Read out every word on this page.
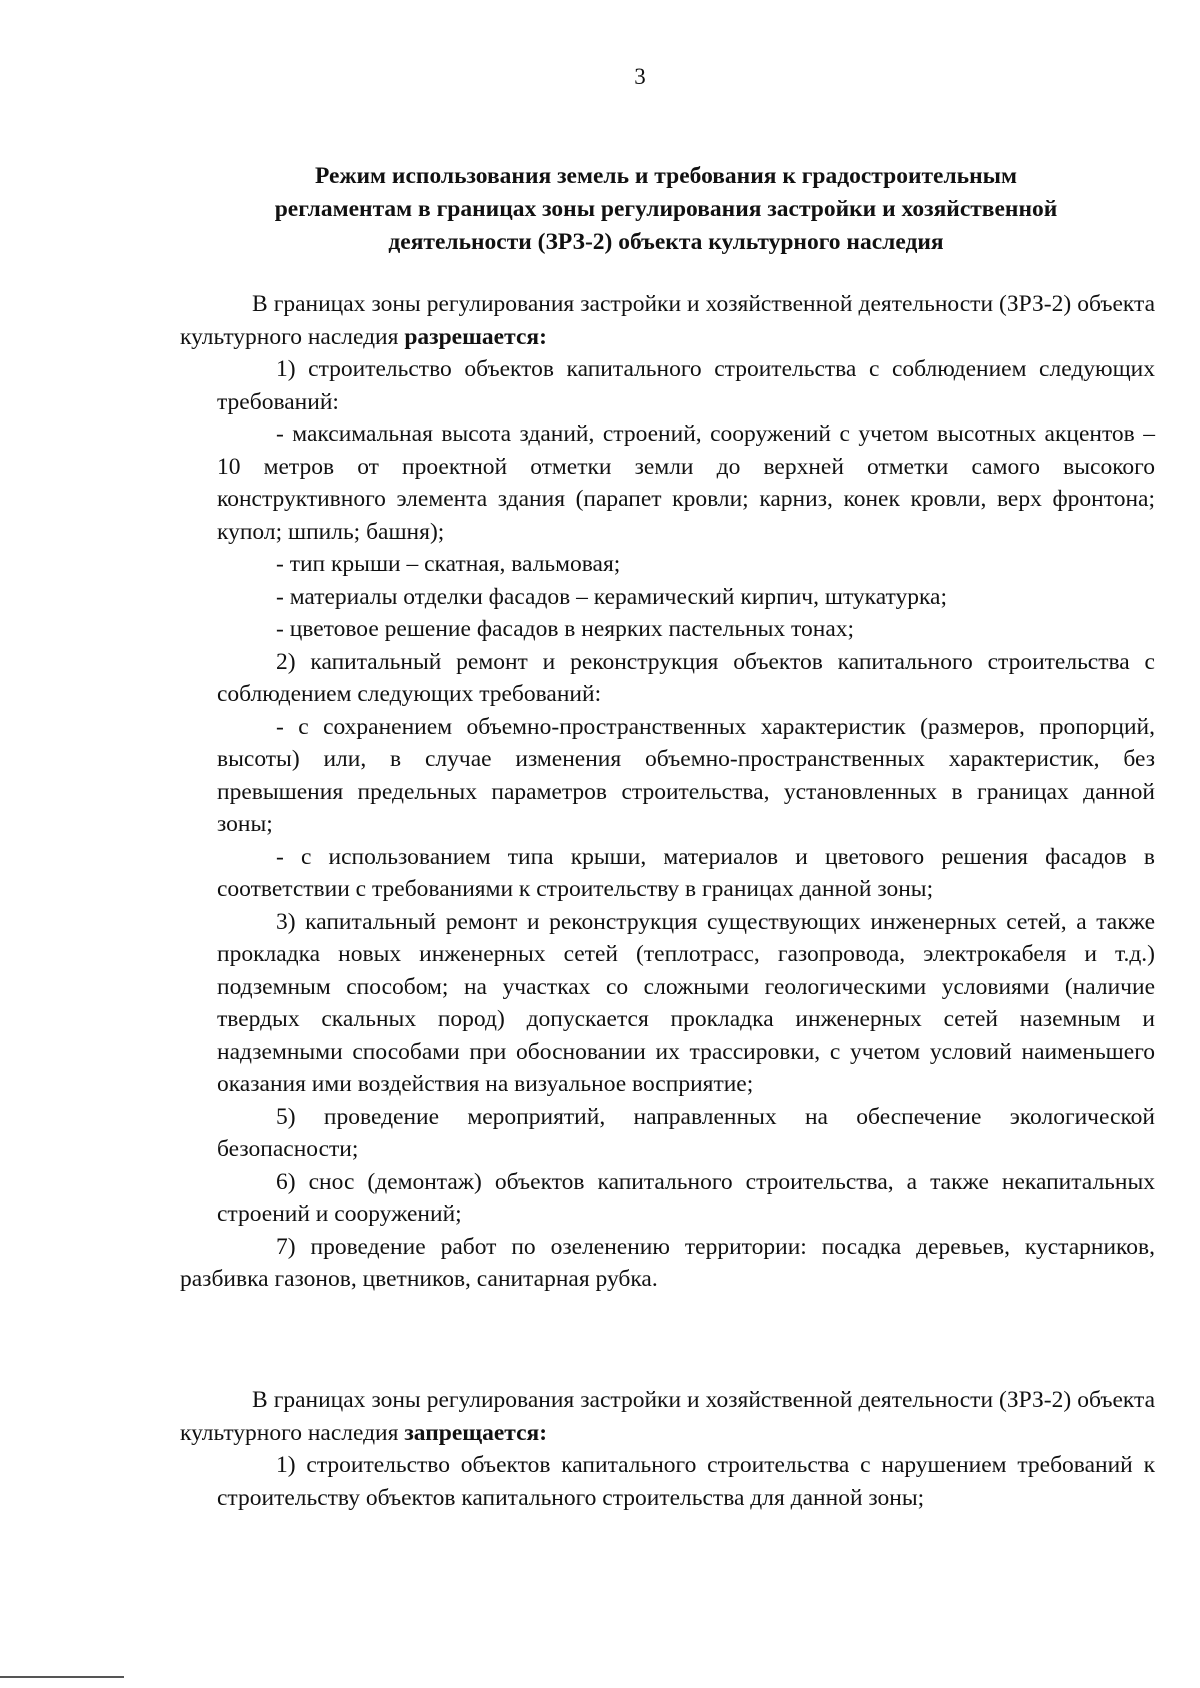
3
Режим использования земель и требования к градостроительным
регламентам в границах зоны регулирования застройки и хозяйственной
деятельности (ЗРЗ-2) объекта культурного наследия

В границах зоны регулирования застройки и хозяйственной деятельности (ЗРЗ-2) объекта культурного наследия разрешается:

1) строительство объектов капитального строительства с соблюдением следующих требований:

- максимальная высота зданий, строений, сооружений с учетом высотных акцентов – 10 метров от проектной отметки земли до верхней отметки самого высокого конструктивного элемента здания (парапет кровли; карниз, конек кровли, верх фронтона; купол; шпиль; башня);

- тип крыши – скатная, вальмовая;

- материалы отделки фасадов – керамический кирпич, штукатурка;

- цветовое решение фасадов в неярких пастельных тонах;

2) капитальный ремонт и реконструкция объектов капитального строительства с соблюдением следующих требований:

- с сохранением объемно-пространственных характеристик (размеров, пропорций, высоты) или, в случае изменения объемно-пространственных характеристик, без превышения предельных параметров строительства, установленных в границах данной зоны;

- с использованием типа крыши, материалов и цветового решения фасадов в соответствии с требованиями к строительству в границах данной зоны;

3) капитальный ремонт и реконструкция существующих инженерных сетей, а также прокладка новых инженерных сетей (теплотрасс, газопровода, электрокабеля и т.д.) подземным способом; на участках со сложными геологическими условиями (наличие твердых скальных пород) допускается прокладка инженерных сетей наземным и надземными способами при обосновании их трассировки, с учетом условий наименьшего оказания ими воздействия на визуальное восприятие;

5) проведение мероприятий, направленных на обеспечение экологической безопасности;

6) снос (демонтаж) объектов капитального строительства, а также некапитальных строений и сооружений;

7) проведение работ по озеленению территории: посадка деревьев, кустарников, разбивка газонов, цветников, санитарная рубка.

В границах зоны регулирования застройки и хозяйственной деятельности (ЗРЗ-2) объекта культурного наследия запрещается:

1) строительство объектов капитального строительства с нарушением требований к строительству объектов капитального строительства для данной зоны;
